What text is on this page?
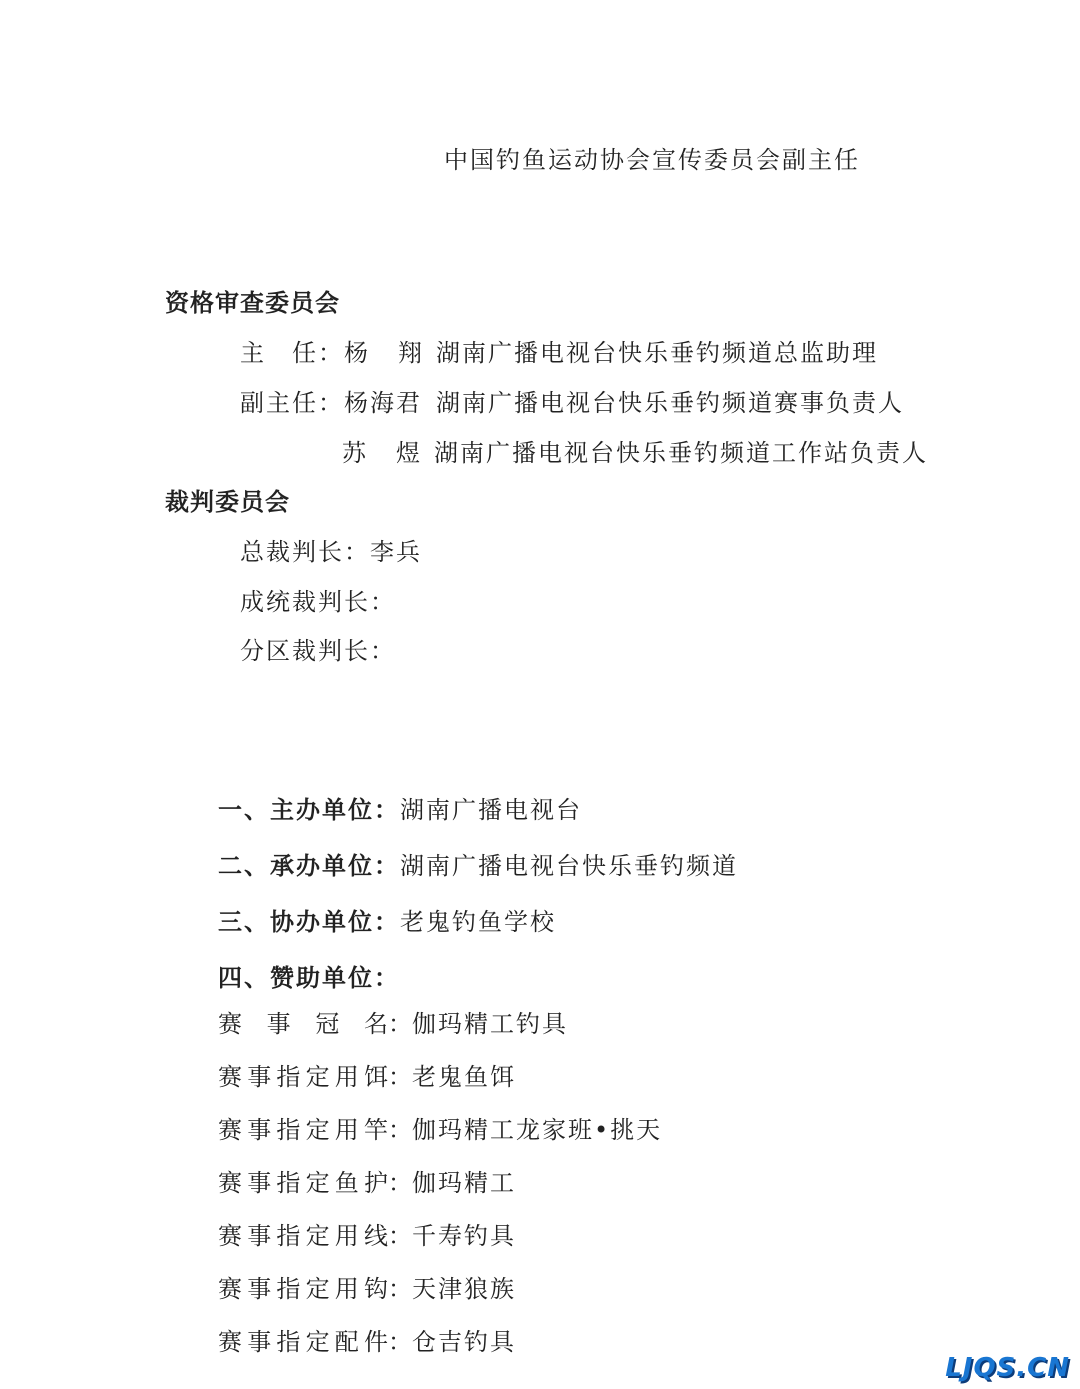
中国钓鱼运动协会宣传委员会副主任
资格审查委员会
主　任：杨翔 湖南广播电视台快乐垂钓频道总监助理
副主任：杨海君 湖南广播电视台快乐垂钓频道赛事负责人
苏煜 湖南广播电视台快乐垂钓频道工作站负责人
裁判委员会
总裁判长：李兵
成统裁判长：
分区裁判长：
一、主办单位：湖南广播电视台
二、承办单位：湖南广播电视台快乐垂钓频道
三、协办单位：老鬼钓鱼学校
四、赞助单位：
赛事冠名：伽玛精工钓具
赛事指定用饵：老鬼鱼饵
赛事指定用竿：伽玛精工龙家班•挑天
赛事指定鱼护：伽玛精工
赛事指定用线：千寿钓具
赛事指定用钩：天津狼族
赛事指定配件：仓吉钓具
LJQS.CN
